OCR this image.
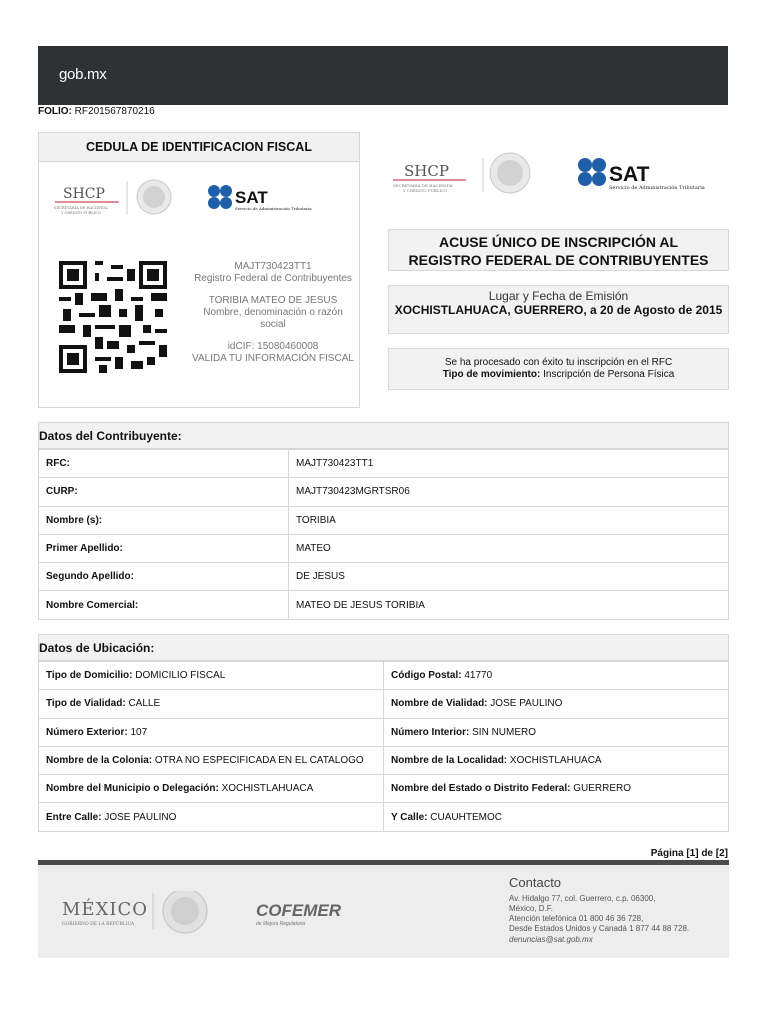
gob.mx
FOLIO: RF201567870216
CEDULA DE IDENTIFICACION FISCAL
SHCP
SECRETARÍA DE HACIENDA
Y CRÉDITO PÚBLICO
SAT
Servicio de Administración Tributaria
MAJT730423TT1
Registro Federal de Contribuyentes
TORIBIA MATEO DE JESUS
Nombre, denominación o razón social
idCIF: 15080460008
VALIDA TU INFORMACIÓN FISCAL
SHCP
SECRETARÍA DE HACIENDA
Y CRÉDITO PÚBLICO
SAT
Servicio de Administración Tributaria
ACUSE ÚNICO DE INSCRIPCIÓN AL
REGISTRO FEDERAL DE CONTRIBUYENTES
Lugar y Fecha de Emisión
XOCHISTLAHUACA, GUERRERO, a 20 de Agosto de 2015
Se ha procesado con éxito tu inscripción en el RFC
Tipo de movimiento: Inscripción de Persona Física
Datos del Contribuyente:
RFC:	MAJT730423TT1
CURP:	MAJT730423MGRTSR06
Nombre (s):	TORIBIA
Primer Apellido:	MATEO
Segundo Apellido:	DE JESUS
Nombre Comercial:	MATEO DE JESUS TORIBIA
Datos de Ubicación:
Tipo de Domicilio: DOMICILIO FISCAL	Código Postal: 41770
Tipo de Vialidad: CALLE	Nombre de Vialidad: JOSE PAULINO
Número Exterior: 107	Número Interior: SIN NUMERO
Nombre de la Colonia: OTRA NO ESPECIFICADA EN EL CATALOGO	Nombre de la Localidad: XOCHISTLAHUACA
Nombre del Municipio o Delegación: XOCHISTLAHUACA	Nombre del Estado o Distrito Federal: GUERRERO
Entre Calle: JOSE PAULINO	Y Calle: CUAUHTEMOC
Página [1] de [2]
MÉXICO
GOBIERNO DE LA REPÚBLICA
COFEMER
de Mejora Regulatoria
Contacto
Av. Hidalgo 77, col. Guerrero, c.p. 06300,
México, D.F.
Atención telefónica 01 800 46 36 728,
Desde Estados Unidos y Canadá 1 877 44 88 728.
denuncias@sat.gob.mx
